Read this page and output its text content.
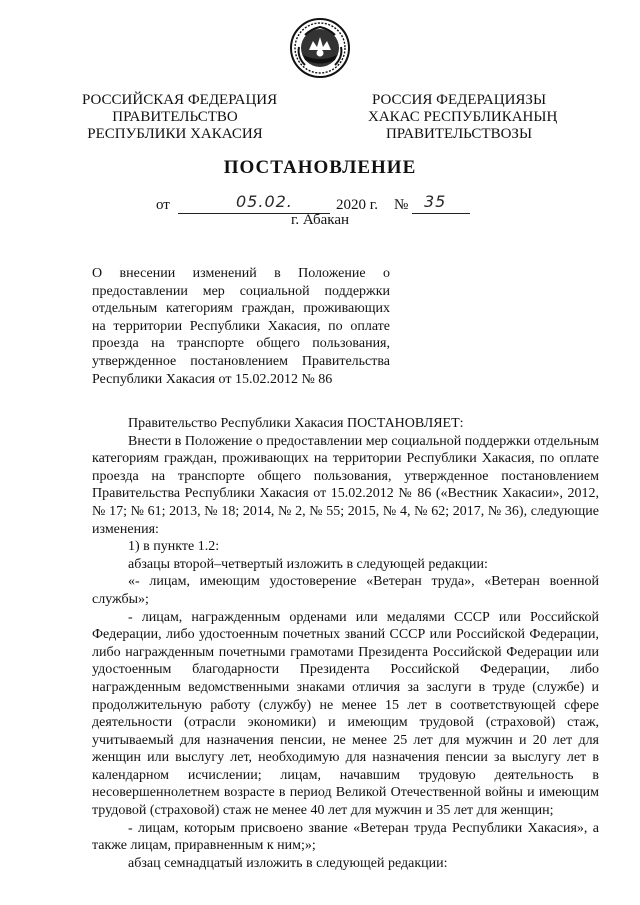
РОССИЙСКАЯ ФЕДЕРАЦИЯ
ПРАВИТЕЛЬСТВО
РЕСПУБЛИКИ ХАКАСИЯ
РОССИЯ ФЕДЕРАЦИЯЗЫ
ХАКАС РЕСПУБЛИКАНЫҢ
ПРАВИТЕЛЬСТВОЗЫ
ПОСТАНОВЛЕНИЕ
от	05.02.	2020 г. № 35
г. Абакан
О внесении изменений в Положение о
предоставлении мер социальной поддержки
отдельным категориям граждан, проживающих
на территории Республики Хакасия, по оплате
проезда на транспорте общего пользования,
утвержденное постановлением Правительства
Республики Хакасия от 15.02.2012 № 86

Правительство Республики Хакасия ПОСТАНОВЛЯЕТ:

Внести в Положение о предоставлении мер социальной поддержки отдельным категориям граждан, проживающих на территории Республики Хакасия, по оплате проезда на транспорте общего пользования, утвержденное постановлением Правительства Республики Хакасия от 15.02.2012 № 86 («Вестник Хакасии», 2012, № 17; № 61; 2013, № 18; 2014, № 2, № 55; 2015, № 4, № 62; 2017, № 36), следующие изменения:

1) в пункте 1.2:

абзацы второй–четвертый изложить в следующей редакции:

«- лицам, имеющим удостоверение «Ветеран труда», «Ветеран военной службы»;

- лицам, награжденным орденами или медалями СССР или Российской Федерации, либо удостоенным почетных званий СССР или Российской Федерации, либо награжденным почетными грамотами Президента Российской Федерации или удостоенным благодарности Президента Российской Федерации, либо награжденным ведомственными знаками отличия за заслуги в труде (службе) и продолжительную работу (службу) не менее 15 лет в соответствующей сфере деятельности (отрасли экономики) и имеющим трудовой (страховой) стаж, учитываемый для назначения пенсии, не менее 25 лет для мужчин и 20 лет для женщин или выслугу лет, необходимую для назначения пенсии за выслугу лет в календарном исчислении; лицам, начавшим трудовую деятельность в несовершеннолетнем возрасте в период Великой Отечественной войны и имеющим трудовой (страховой) стаж не менее 40 лет для мужчин и 35 лет для женщин;

- лицам, которым присвоено звание «Ветеран труда Республики Хакасия», а также лицам, приравненным к ним;»;

абзац семнадцатый изложить в следующей редакции:
